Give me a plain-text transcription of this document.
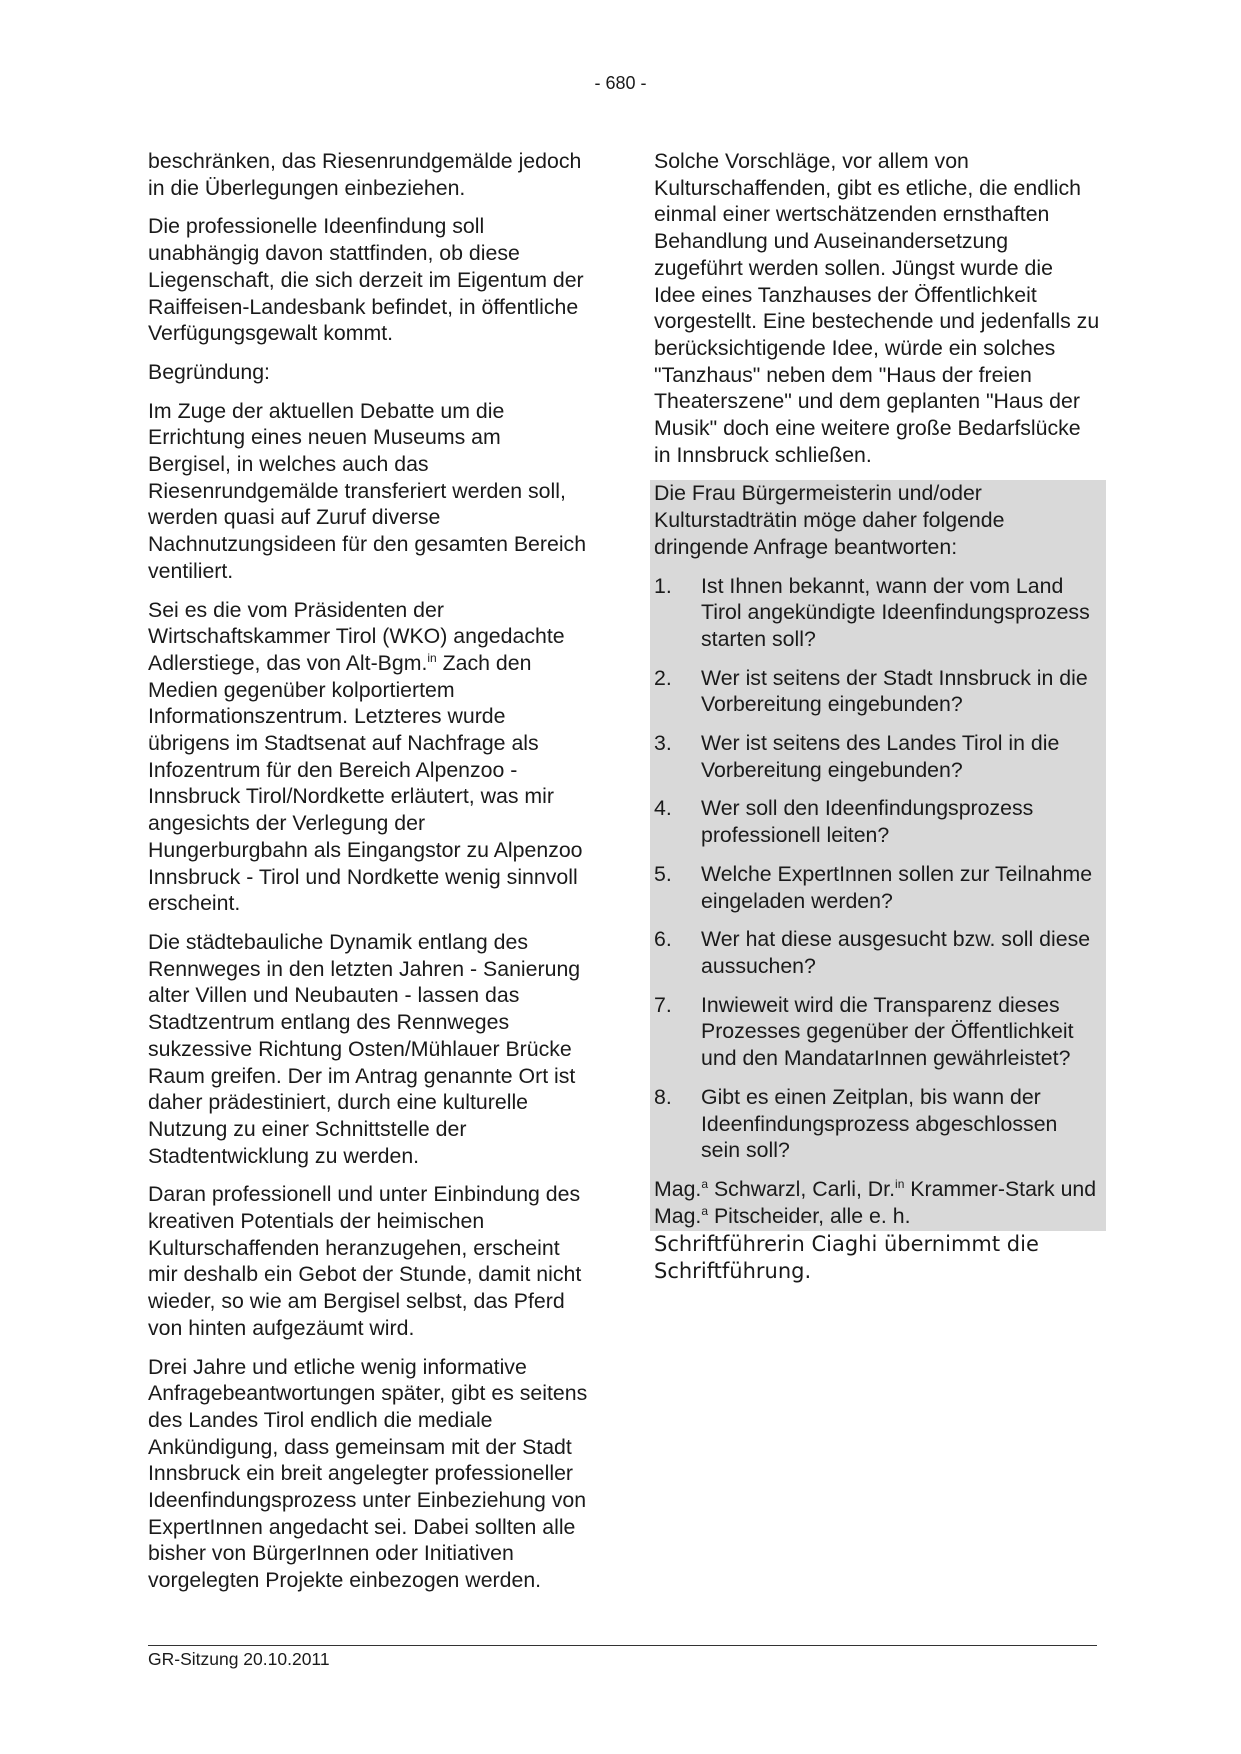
- 680 -

beschränken, das Riesenrundgemälde jedoch in die Überlegungen einbeziehen.

Die professionelle Ideenfindung soll unabhängig davon stattfinden, ob diese Liegenschaft, die sich derzeit im Eigentum der Raiffeisen-Landesbank befindet, in öffentliche Verfügungsgewalt kommt.

Begründung:

Im Zuge der aktuellen Debatte um die Errichtung eines neuen Museums am Bergisel, in welches auch das Riesenrundgemälde transferiert werden soll, werden quasi auf Zuruf diverse Nachnutzungsideen für den gesamten Bereich ventiliert.

Sei es die vom Präsidenten der Wirtschaftskammer Tirol (WKO) angedachte Adlerstiege, das von Alt-Bgm.$^{in}$ Zach den Medien gegenüber kolportiertem Informationszentrum. Letzteres wurde übrigens im Stadtsenat auf Nachfrage als Infozentrum für den Bereich Alpenzoo - Innsbruck Tirol/Nordkette erläutert, was mir angesichts der Verlegung der Hungerburgbahn als Eingangstor zu Alpenzoo Innsbruck - Tirol und Nordkette wenig sinnvoll erscheint.

Die städtebauliche Dynamik entlang des Rennweges in den letzten Jahren - Sanierung alter Villen und Neubauten - lassen das Stadtzentrum entlang des Rennweges sukzessive Richtung Osten/Mühlauer Brücke Raum greifen. Der im Antrag genannte Ort ist daher prädestiniert, durch eine kulturelle Nutzung zu einer Schnittstelle der Stadtentwicklung zu werden.

Daran professionell und unter Einbindung des kreativen Potentials der heimischen Kulturschaffenden heranzugehen, erscheint mir deshalb ein Gebot der Stunde, damit nicht wieder, so wie am Bergisel selbst, das Pferd von hinten aufgezäumt wird.

Drei Jahre und etliche wenig informative Anfragebeantwortungen später, gibt es seitens des Landes Tirol endlich die mediale Ankündigung, dass gemeinsam mit der Stadt Innsbruck ein breit angelegter professioneller Ideenfindungsprozess unter Einbeziehung von ExpertInnen angedacht sei. Dabei sollten alle bisher von BürgerInnen oder Initiativen vorgelegten Projekte einbezogen werden.

Solche Vorschläge, vor allem von Kulturschaffenden, gibt es etliche, die endlich einmal einer wertschätzenden ernsthaften Behandlung und Auseinandersetzung zugeführt werden sollen. Jüngst wurde die Idee eines Tanzhauses der Öffentlichkeit vorgestellt. Eine bestechende und jedenfalls zu berücksichtigende Idee, würde ein solches "Tanzhaus" neben dem "Haus der freien Theaterszene" und dem geplanten "Haus der Musik" doch eine weitere große Bedarfslücke in Innsbruck schließen.

Die Frau Bürgermeisterin und/oder Kulturstadträtin möge daher folgende dringende Anfrage beantworten:

1.	Ist Ihnen bekannt, wann der vom Land Tirol angekündigte Ideenfindungsprozess starten soll?
2.	Wer ist seitens der Stadt Innsbruck in die Vorbereitung eingebunden?
3.	Wer ist seitens des Landes Tirol in die Vorbereitung eingebunden?
4.	Wer soll den Ideenfindungsprozess professionell leiten?
5.	Welche ExpertInnen sollen zur Teilnahme eingeladen werden?
6.	Wer hat diese ausgesucht bzw. soll diese aussuchen?
7.	Inwieweit wird die Transparenz dieses Prozesses gegenüber der Öffentlichkeit und den MandatarInnen gewährleistet?
8.	Gibt es einen Zeitplan, bis wann der Ideenfindungsprozess abgeschlossen sein soll?

Mag.$^a$ Schwarzl, Carli, Dr.$^{in}$ Krammer-Stark und Mag.$^a$ Pitscheider, alle e. h.

Schriftführerin Ciaghi übernimmt die Schriftführung.

GR-Sitzung 20.10.2011
